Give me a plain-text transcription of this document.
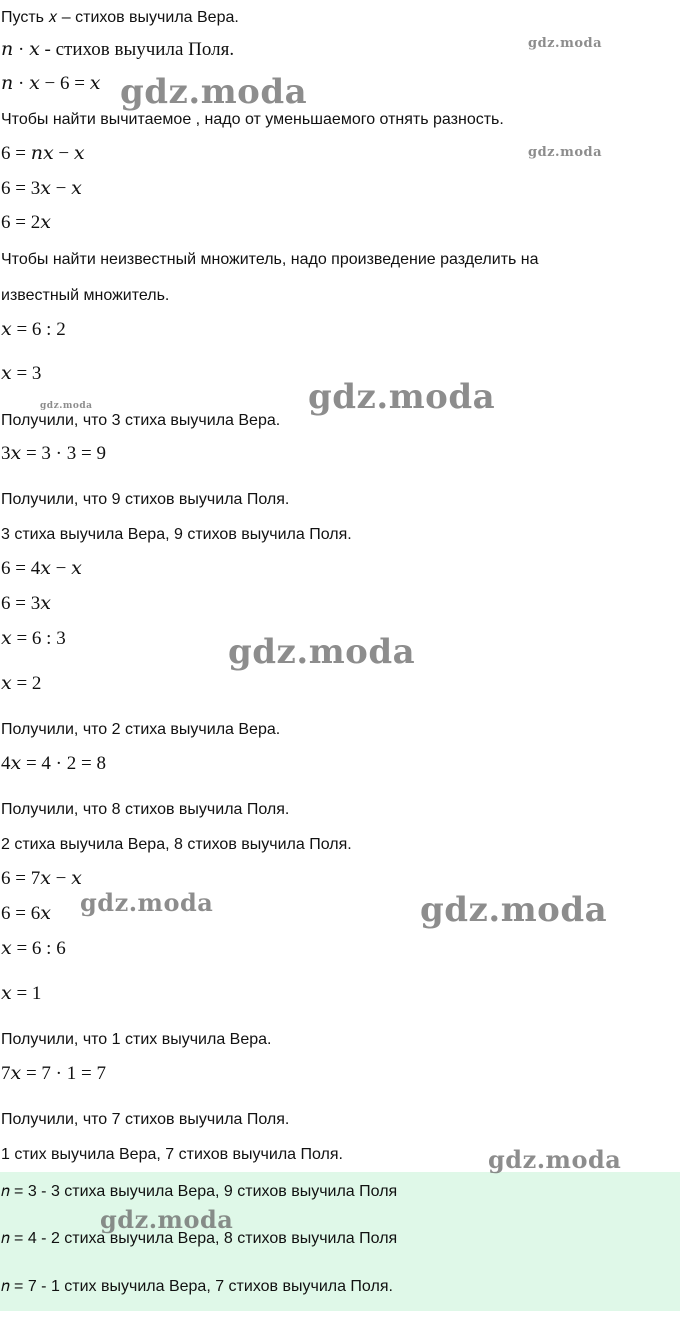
Пусть 𝑥 – стихов выучила Вера.
𝑛 · 𝑥 - стихов выучила Поля.
𝑛 · 𝑥 − 6 = 𝑥
Чтобы найти вычитаемое , надо от уменьшаемого отнять разность.
6 = 𝑛𝑥 − 𝑥
6 = 3𝑥 − 𝑥
6 = 2𝑥
Чтобы найти неизвестный множитель, надо произведение разделить на
известный множитель.
𝑥 = 6 : 2
𝑥 = 3
Получили, что 3 стиха выучила Вера.
3𝑥 = 3 · 3 = 9
Получили, что 9 стихов выучила Поля.
3 стиха выучила Вера, 9 стихов выучила Поля.
6 = 4𝑥 − 𝑥
6 = 3𝑥
𝑥 = 6 : 3
𝑥 = 2
Получили, что 2 стиха выучила Вера.
4𝑥 = 4 · 2 = 8
Получили, что 8 стихов выучила Поля.
2 стиха выучила Вера, 8 стихов выучила Поля.
6 = 7𝑥 − 𝑥
6 = 6𝑥
𝑥 = 6 : 6
𝑥 = 1
Получили, что 1 стих выучила Вера.
7𝑥 = 7 · 1 = 7
Получили, что 7 стихов выучила Поля.
1 стих выучила Вера, 7 стихов выучила Поля.
𝑛 = 3 - 3 стиха выучила Вера, 9 стихов выучила Поля
𝑛 = 4 - 2 стиха выучила Вера, 8 стихов выучила Поля
𝑛 = 7 - 1 стих выучила Вера, 7 стихов выучила Поля.
gdz.moda
gdz.moda
gdz.moda
gdz.moda
gdz.moda
gdz.moda
gdz.moda	gdz.moda
gdz.moda
gdz.moda
